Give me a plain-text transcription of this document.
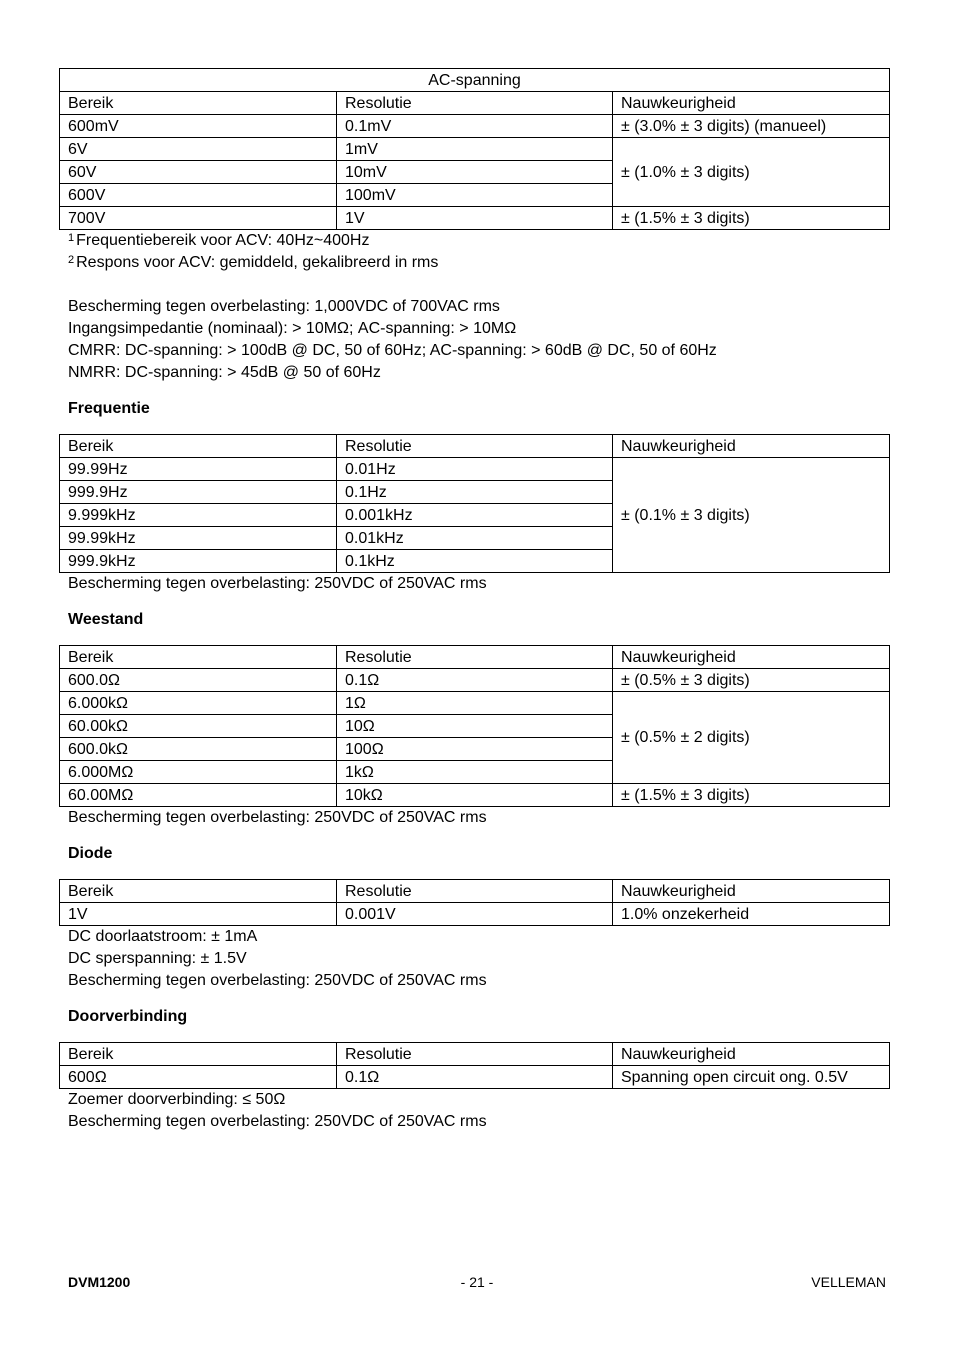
AC-spanning		
Bereik	Resolutie	Nauwkeurigheid
600mV	0.1mV	± (3.0% ± 3 digits) (manueel)
6V	1mV	± (1.0% ± 3 digits)
60V	10mV	
600V	100mV	
700V	1V	± (1.5% ± 3 digits)
$^1$ Frequentiebereik voor ACV: 40Hz~400Hz
$^2$ Respons voor ACV: gemiddeld, gekalibreerd in rms
Bescherming tegen overbelasting: 1,000VDC of 700VAC rms
Ingangsimpedantie (nominaal): > 10MΩ; AC-spanning: > 10MΩ
CMRR: DC-spanning: > 100dB @ DC, 50 of 60Hz; AC-spanning: > 60dB @ DC, 50 of 60Hz
NMRR: DC-spanning: > 45dB @ 50 of 60Hz
Frequentie
Bereik	Resolutie	Nauwkeurigheid
99.99Hz	0.01Hz	± (0.1% ± 3 digits)
999.9Hz	0.1Hz	
9.999kHz	0.001kHz	
99.99kHz	0.01kHz	
999.9kHz	0.1kHz	
Bescherming tegen overbelasting: 250VDC of 250VAC rms
Weestand
Bereik	Resolutie	Nauwkeurigheid
600.0Ω	0.1Ω	± (0.5% ± 3 digits)
6.000kΩ	1Ω	± (0.5% ± 2 digits)
60.00kΩ	10Ω	
600.0kΩ	100Ω	
6.000MΩ	1kΩ	
60.00MΩ	10kΩ	± (1.5% ± 3 digits)
Bescherming tegen overbelasting: 250VDC of 250VAC rms
Diode
Bereik	Resolutie	Nauwkeurigheid
1V	0.001V	1.0% onzekerheid
DC doorlaatstroom: ± 1mA
DC sperspanning: ± 1.5V
Bescherming tegen overbelasting: 250VDC of 250VAC rms
Doorverbinding
Bereik	Resolutie	Nauwkeurigheid
600Ω	0.1Ω	Spanning open circuit ong. 0.5V
Zoemer doorverbinding: ≤ 50Ω
Bescherming tegen overbelasting: 250VDC of 250VAC rms
DVM1200	- 21 -	VELLEMAN
